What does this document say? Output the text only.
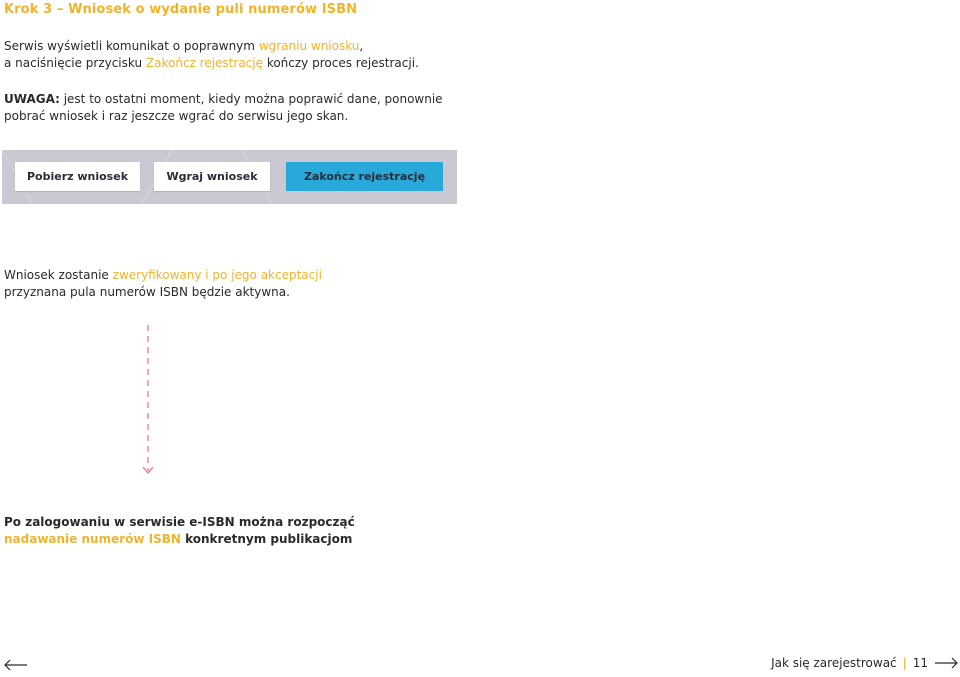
Krok 3 – Wniosek o wydanie puli numerów ISBN
Serwis wyświetli komunikat o poprawnym wgraniu wniosku,
a naciśnięcie przycisku Zakończ rejestrację kończy proces rejestracji.
UWAGA: jest to ostatni moment, kiedy można poprawić dane, ponownie pobrać wniosek i raz jeszcze wgrać do serwisu jego skan.
Pobierz wniosek	Wgraj wniosek	Zakończ rejestrację
Wniosek zostanie zweryfikowany i po jego akceptacji
przyznana pula numerów ISBN będzie aktywna.
Po zalogowaniu w serwisie e-ISBN można rozpocząć
nadawanie numerów ISBN konkretnym publikacjom
Jak się zarejestrować | 11
